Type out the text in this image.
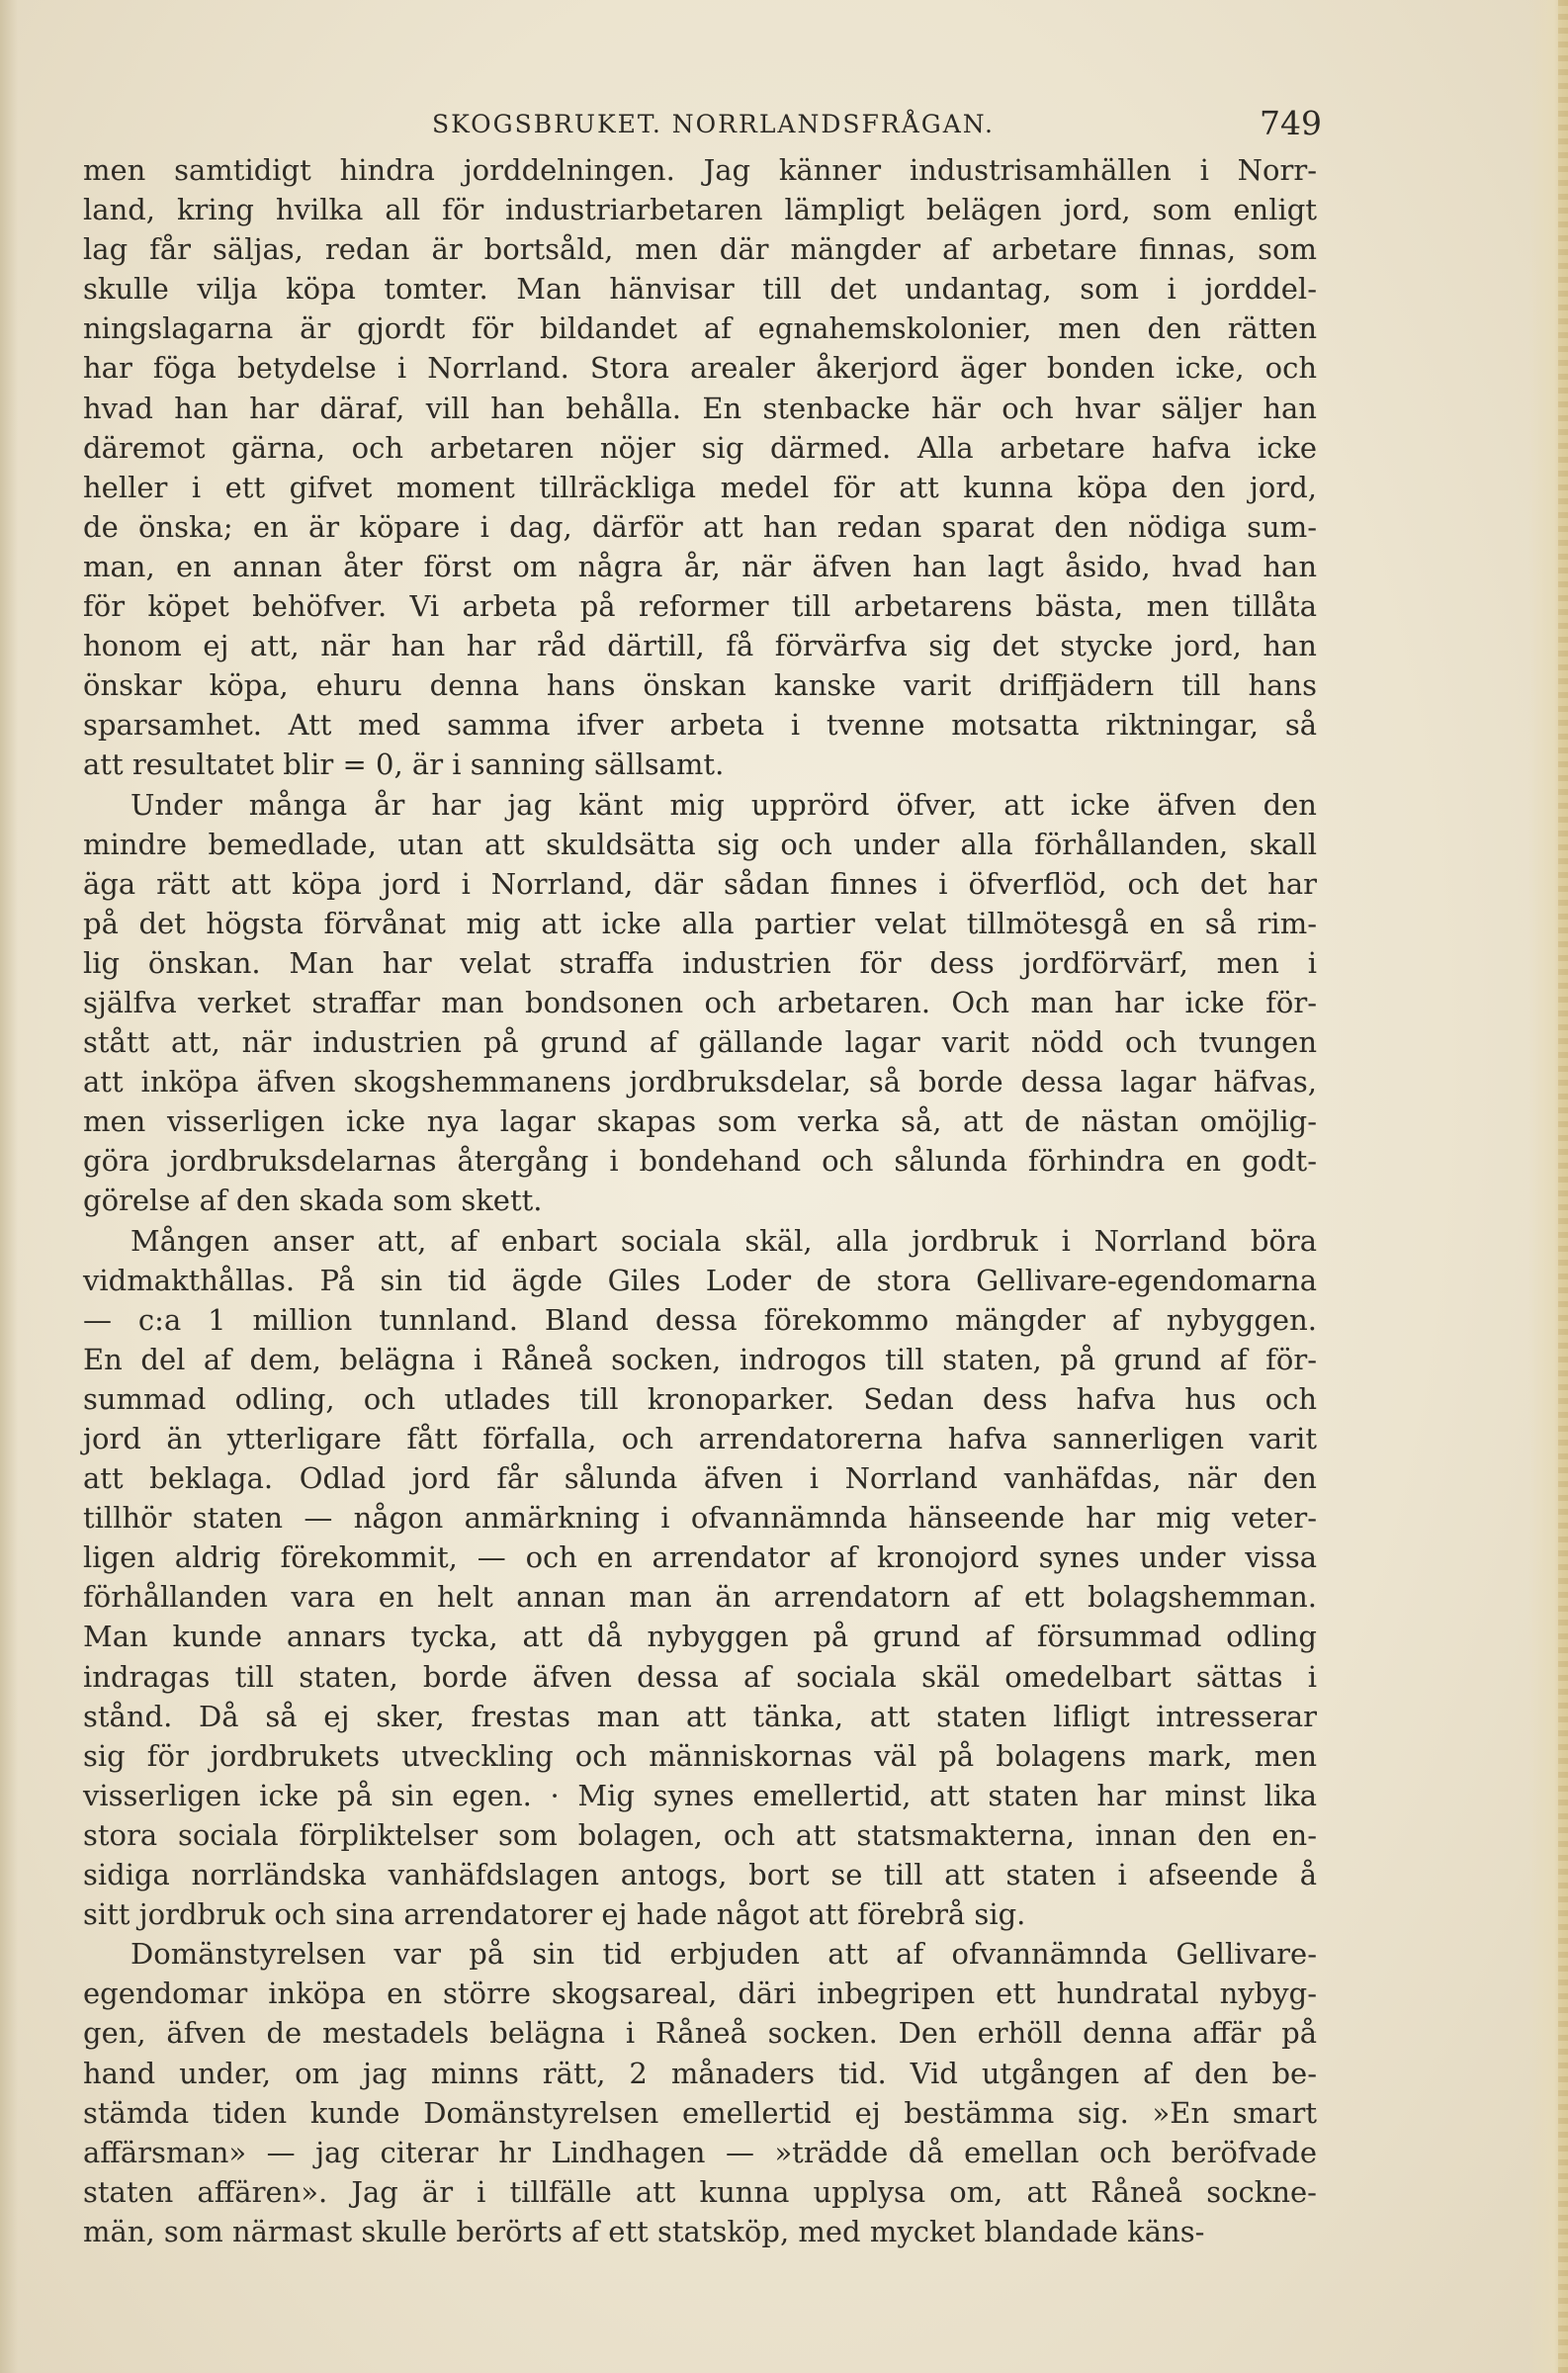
SKOGSBRUKET. NORRLANDSFRÅGAN.	749
men samtidigt hindra jorddelningen. Jag känner industrisamhällen i Norr-
land, kring hvilka all för industriarbetaren lämpligt belägen jord, som enligt
lag får säljas, redan är bortsåld, men där mängder af arbetare finnas, som
skulle vilja köpa tomter. Man hänvisar till det undantag, som i jorddel-
ningslagarna är gjordt för bildandet af egnahemskolonier, men den rätten
har föga betydelse i Norrland. Stora arealer åkerjord äger bonden icke, och
hvad han har däraf, vill han behålla. En stenbacke här och hvar säljer han
däremot gärna, och arbetaren nöjer sig därmed. Alla arbetare hafva icke
heller i ett gifvet moment tillräckliga medel för att kunna köpa den jord,
de önska; en är köpare i dag, därför att han redan sparat den nödiga sum-
man, en annan åter först om några år, när äfven han lagt åsido, hvad han
för köpet behöfver. Vi arbeta på reformer till arbetarens bästa, men tillåta
honom ej att, när han har råd därtill, få förvärfva sig det stycke jord, han
önskar köpa, ehuru denna hans önskan kanske varit driffjädern till hans
sparsamhet. Att med samma ifver arbeta i tvenne motsatta riktningar, så
att resultatet blir = 0, är i sanning sällsamt.
Under många år har jag känt mig upprörd öfver, att icke äfven den
mindre bemedlade, utan att skuldsätta sig och under alla förhållanden, skall
äga rätt att köpa jord i Norrland, där sådan finnes i öfverflöd, och det har
på det högsta förvånat mig att icke alla partier velat tillmötesgå en så rim-
lig önskan. Man har velat straffa industrien för dess jordförvärf, men i
själfva verket straffar man bondsonen och arbetaren. Och man har icke för-
stått att, när industrien på grund af gällande lagar varit nödd och tvungen
att inköpa äfven skogshemmanens jordbruksdelar, så borde dessa lagar häfvas,
men visserligen icke nya lagar skapas som verka så, att de nästan omöjlig-
göra jordbruksdelarnas återgång i bondehand och sålunda förhindra en godt-
görelse af den skada som skett.
Mången anser att, af enbart sociala skäl, alla jordbruk i Norrland böra
vidmakthållas. På sin tid ägde Giles Loder de stora Gellivare-egendomarna
— c:a 1 million tunnland. Bland dessa förekommo mängder af nybyggen.
En del af dem, belägna i Råneå socken, indrogos till staten, på grund af för-
summad odling, och utlades till kronoparker. Sedan dess hafva hus och
jord än ytterligare fått förfalla, och arrendatorerna hafva sannerligen varit
att beklaga. Odlad jord får sålunda äfven i Norrland vanhäfdas, när den
tillhör staten — någon anmärkning i ofvannämnda hänseende har mig veter-
ligen aldrig förekommit, — och en arrendator af kronojord synes under vissa
förhållanden vara en helt annan man än arrendatorn af ett bolagshemman.
Man kunde annars tycka, att då nybyggen på grund af försummad odling
indragas till staten, borde äfven dessa af sociala skäl omedelbart sättas i
stånd. Då så ej sker, frestas man att tänka, att staten lifligt intresserar
sig för jordbrukets utveckling och människornas väl på bolagens mark, men
visserligen icke på sin egen. · Mig synes emellertid, att staten har minst lika
stora sociala förpliktelser som bolagen, och att statsmakterna, innan den en-
sidiga norrländska vanhäfdslagen antogs, bort se till att staten i afseende å
sitt jordbruk och sina arrendatorer ej hade något att förebrå sig.
Domänstyrelsen var på sin tid erbjuden att af ofvannämnda Gellivare-
egendomar inköpa en större skogsareal, däri inbegripen ett hundratal nybyg-
gen, äfven de mestadels belägna i Råneå socken. Den erhöll denna affär på
hand under, om jag minns rätt, 2 månaders tid. Vid utgången af den be-
stämda tiden kunde Domänstyrelsen emellertid ej bestämma sig. »En smart
affärsman» — jag citerar hr Lindhagen — »trädde då emellan och beröfvade
staten affären». Jag är i tillfälle att kunna upplysa om, att Råneå sockne-
män, som närmast skulle berörts af ett statsköp, med mycket blandade käns-
